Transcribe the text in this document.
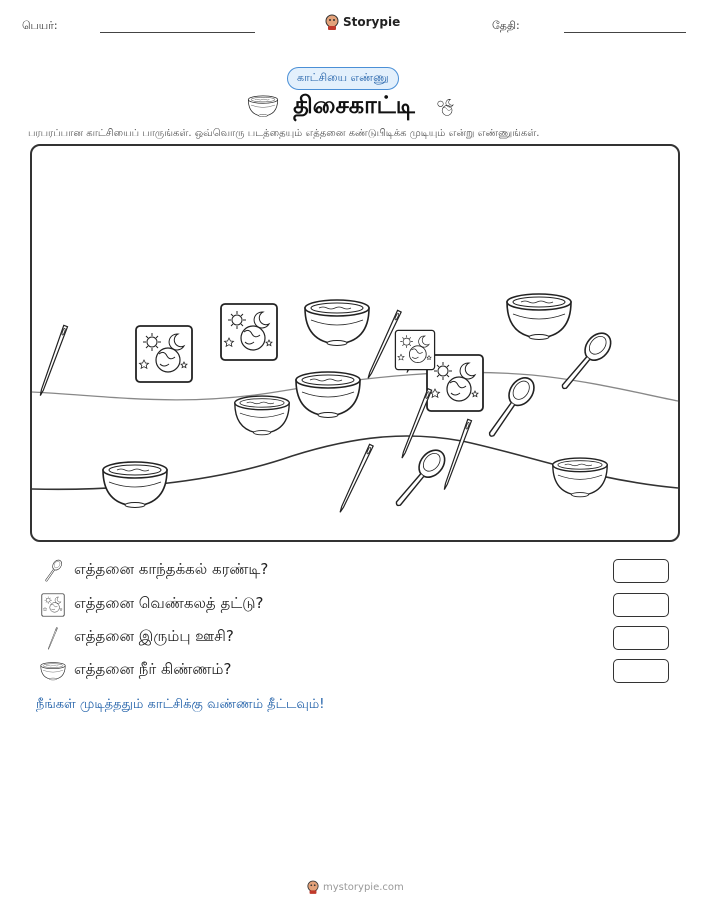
பெயர்:	Storypie	தேதி:
காட்சியை எண்ணு
திசைகாட்டி
பரபரப்பான காட்சியைப் பாருங்கள். ஒவ்வொரு படத்தையும் எத்தனை கண்டுபிடிக்க முடியும் என்று எண்ணுங்கள்.
எத்தனை காந்தக்கல் கரண்டி?
எத்தனை வெண்கலத் தட்டு?
எத்தனை இரும்பு ஊசி?
எத்தனை நீர் கிண்ணம்?
நீங்கள் முடித்ததும் காட்சிக்கு வண்ணம் தீட்டவும்!
mystorypie.com
